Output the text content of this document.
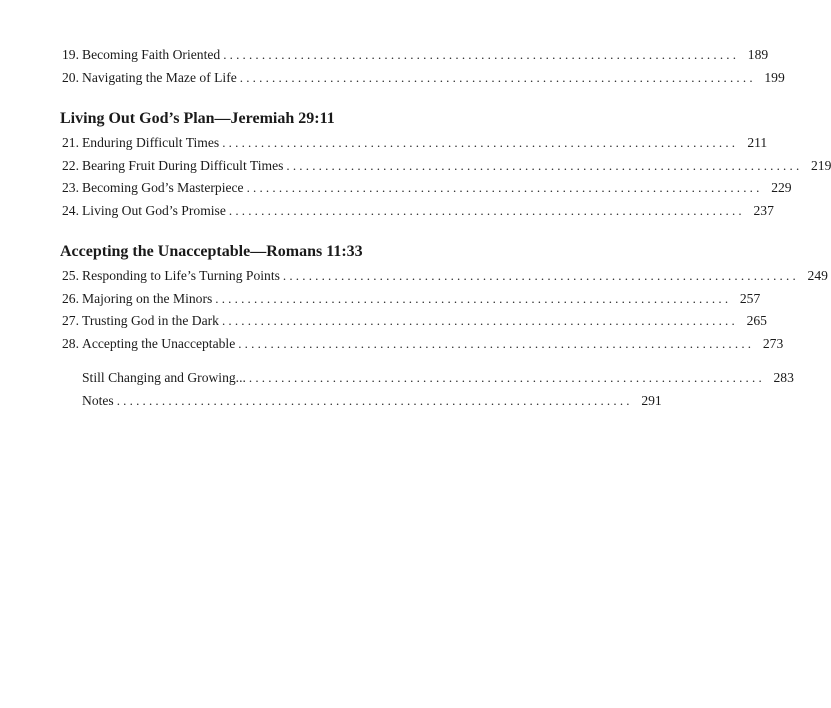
19. Becoming Faith Oriented ................................................................................ 189
20. Navigating the Maze of Life ................................................................................ 199
Living Out God’s Plan—Jeremiah 29:11
21. Enduring Difficult Times ................................................................................ 211
22. Bearing Fruit During Difficult Times ................................................................................ 219
23. Becoming God’s Masterpiece ................................................................................ 229
24. Living Out God’s Promise ................................................................................ 237
Accepting the Unacceptable—Romans 11:33
25. Responding to Life’s Turning Points ................................................................................ 249
26. Majoring on the Minors ................................................................................ 257
27. Trusting God in the Dark ................................................................................ 265
28. Accepting the Unacceptable ................................................................................ 273
Still Changing and Growing... ................................................................................ 283
Notes ................................................................................ 291
